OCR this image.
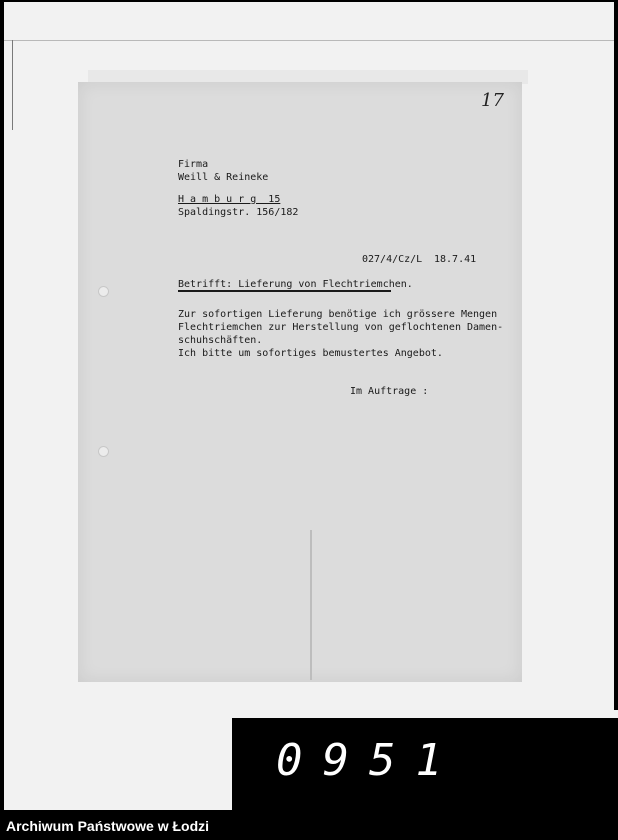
17
Firma
Weill & Reineke
H a m b u r g  15
Spaldingstr. 156/182
027/4/Cz/L 18.7.41
Betrifft: Lieferung von Flechtriemchen.
Zur sofortigen Lieferung benötige ich grössere Mengen
Flechtriemchen zur Herstellung von geflochtenen Damen-
schuhschäften.
Ich bitte um sofortiges bemustertes Angebot.
Im Auftrage :
0951
Archiwum Państwowe w Łodzi
